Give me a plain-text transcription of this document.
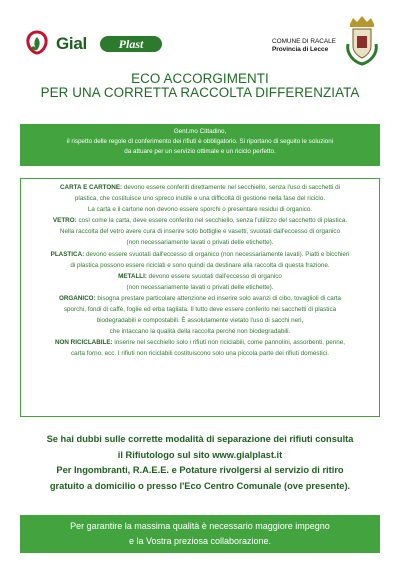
Gial	Plast	COMUNE DI RACALE
Provincia di Lecce
ECO ACCORGIMENTI
PER UNA CORRETTA RACCOLTA DIFFERENZIATA
Gent.mo Cittadino,
il rispetto delle regole di conferimento dei rifiuti è obbligatorio. Si riportano di seguito le soluzioni
da attuare per un servizio ottimale e un riciclo perfetto.

CARTA E CARTONE: devono essere conferiti direttamente nel secchiello, senza l'uso di sacchetti di

plastica, che costituisce uno spreco inutile e una difficoltà di gestione nella fase del riciclo.

La carta e il cartone non devono essere sporchi o presentare residui di organico.

VETRO: così come la carta, deve essere conferito nel secchiello, senza l'utilizzo del sacchetto di plastica.

Nella raccolta del vetro avere cura di inserire solo bottiglie e vasetti, svuotati dall'eccesso di organico

(non necessariamente lavati o privati delle etichette).

PLASTICA: devono essere svuotati dall'eccesso di organico (non necessariamente lavati). Piatti e bicchieri

di plastica possono essere riciclati e sono quindi da destinare alla raccolta di questa frazione.

METALLI: devono essere svuotati dall'eccesso di organico

(non necessariamente lavati o privati delle etichette).

ORGANICO: bisogna prestare particolare attenzione ed inserire solo avanzi di cibo, tovaglioli di carta

sporchi, fondi di caffè, foglie ed erba tagliata. Il tutto deve essere conferito nei sacchetti di plastica

biodegradabili e compostabili. È assolutamente vietato l'uso di sacchi neri,

che intaccano la qualità della raccolta perché non biodegradabili.

NON RICICLABILE: inserire nel secchiello solo i rifiuti non riciclabili, come pannolini, assorbenti, penne,

carta forno, ecc. I rifiuti non riciclabili costituiscono solo una piccola parte dei rifiuti domestici.

Se hai dubbi sulle corrette modalità di separazione dei rifiuti consulta
il Rifiutologo sul sito www.gialplast.it
Per Ingombranti, R.A.E.E. e Potature rivolgersi al servizio di ritiro
gratuito a domicilio o presso l'Eco Centro Comunale (ove presente).
Per garantire la massima qualità è necessario maggiore impegno
e la Vostra preziosa collaborazione.
